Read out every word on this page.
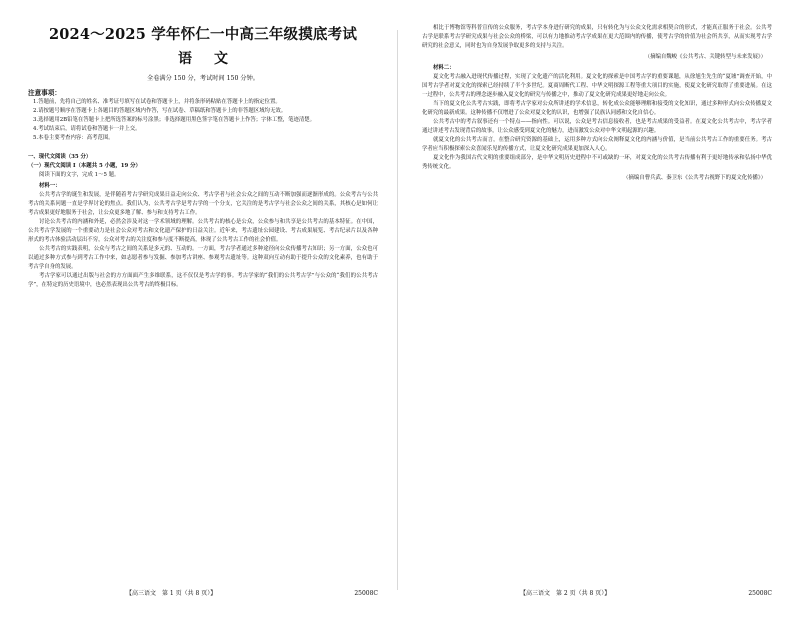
2024～2025 学年怀仁一中高三年级摸底考试
语文
全卷满分 150 分，考试时间 150 分钟。
注意事项：

1.答题前，先将自己的姓名、准考证号填写在试卷和答题卡上，并将条形码粘贴在答题卡上的指定位置。

2.请按题号顺序在答题卡上各题目的答题区域内作答，写在试卷、草稿纸和答题卡上的非答题区域均无效。

3.选择题用2B铅笔在答题卡上把所选答案的标号涂黑；非选择题用黑色签字笔在答题卡上作答；字体工整，笔迹清楚。

4.考试结束后，请将试卷和答题卡一并上交。

5.本卷主要考查内容：高考范围。

一、现代文阅读（35 分）
（一）现代文阅读 I（本题共 5 小题，19 分）

阅读下面的文字，完成 1～5 题。

材料一：

公共考古学的诞生和发展，是伴随着考古学研究成果日益走向公众、考古学者与社会公众之间的互动不断加强而逐渐形成的。公众考古与公共考古的关系问题一直是学界讨论的焦点。我们认为，公共考古学是考古学的一个分支，它关注的是考古学与社会公众之间的关系，其核心是如何让考古成果更好地服务于社会，让公众更多地了解、参与和支持考古工作。

讨论公共考古的内涵和外延，必然会涉及对这一学术领域的理解。公共考古的核心是公众，公众参与和共享是公共考古的基本特征。在中国，公共考古学发展的一个重要动力是社会公众对考古和文化遗产保护的日益关注。近年来，考古遗址公园建设、考古成果展览、考古纪录片以及各种形式的考古体验活动层出不穷，公众对考古的关注度和参与度不断提高，体现了公共考古工作的社会价值。

公共考古的实践表明，公众与考古之间的关系是多元的、互动的。一方面，考古学者通过多种途径向公众传播考古知识；另一方面，公众也可以通过多种方式参与到考古工作中来，如志愿者参与发掘、参加考古讲座、参观考古遗址等。这种双向互动有助于提升公众的文化素养，也有助于考古学自身的发展。

考古学家可以通过出版与社会的方方面面产生多维联系，这不仅仅是考古学的事。考古学家的“我们的公共考古学”与公众的“我们的公共考古学”，在特定的历史语境中，也必然表现出公共考古的终极目标。

【高三语文　第 1 页（共 8 页）】	25008C

相比于博物馆等科普宣传的公众服务，考古学本身进行研究的成果，只有转化为与公众文化需求相契合的形式，才能真正服务于社会。公共考古学是联系考古学研究成果与社会公众的桥梁，可以有力地推动考古学成果在更大范围内的传播，使考古学的价值为社会所共享，从而实现考古学研究的社会意义，同时也为自身发展争取更多的支持与关注。

（摘编自魏峻《公共考古、关键转型与未来发展》）

材料二：

夏文化考古融入进现代传播过程，实现了文化遗产的活化利用。夏文化的探索是中国考古学的重要课题，从徐旭生先生的“夏墟”调查开始，中国考古学者对夏文化的探索已经持续了半个多世纪。夏商周断代工程、中华文明探源工程等重大项目的实施，使夏文化研究取得了重要进展。在这一过程中，公共考古的理念逐步融入夏文化的研究与传播之中，推动了夏文化研究成果更好地走向公众。

当下的夏文化公共考古实践，即将考古学家对公众所讲述的学术信息，转化成公众能够理解和接受的文化知识，通过多种形式向公众传播夏文化研究的最新成果。这种传播不仅增进了公众对夏文化的认识，也增强了民族认同感和文化自信心。

公共考古中的考古叙事还有一个特点——指向性。可以说，公众是考古信息接收者，也是考古成果的受益者。在夏文化公共考古中，考古学者通过讲述考古发现背后的故事，让公众感受到夏文化的魅力，进而激发公众对中华文明起源的兴趣。

就夏文化的公共考古而言，在整合研究资源的基础上，运用多种方式向公众阐释夏文化的内涵与价值，是当前公共考古工作的重要任务。考古学者应当积极探索公众喜闻乐见的传播方式，让夏文化研究成果更加深入人心。

夏文化作为我国古代文明的重要组成部分，是中华文明历史进程中不可或缺的一环，对夏文化的公共考古传播有利于更好地传承和弘扬中华优秀传统文化。

（摘编自曹兵武、秦卫东《公共考古视野下的夏文化传播》）
【高三语文　第 2 页（共 8 页）】	25008C
